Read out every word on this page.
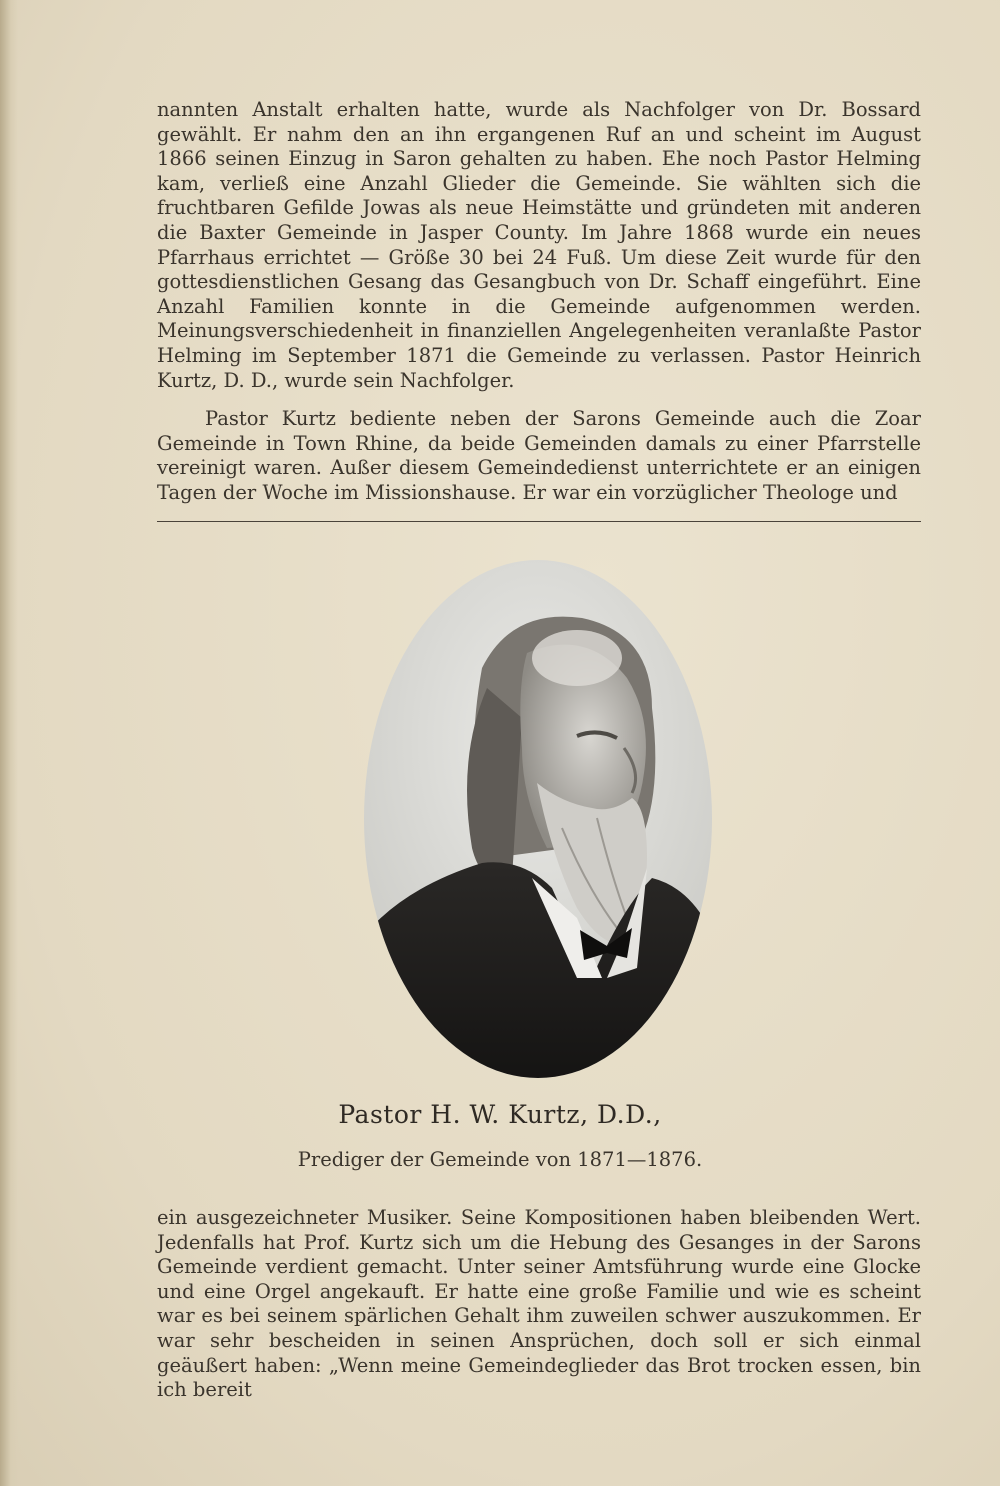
nannten Anstalt erhalten hatte, wurde als Nachfolger von Dr. Bossard gewählt. Er nahm den an ihn ergangenen Ruf an und scheint im August 1866 seinen Einzug in Saron gehalten zu haben. Ehe noch Pastor Helming kam, verließ eine Anzahl Glieder die Gemeinde. Sie wählten sich die fruchtbaren Gefilde Jowas als neue Heimstätte und gründeten mit anderen die Baxter Gemeinde in Jasper County. Im Jahre 1868 wurde ein neues Pfarrhaus errichtet — Größe 30 bei 24 Fuß. Um diese Zeit wurde für den gottesdienstlichen Gesang das Gesangbuch von Dr. Schaff eingeführt. Eine Anzahl Familien konnte in die Gemeinde aufgenommen werden. Meinungsverschiedenheit in finanziellen Angelegenheiten veranlaßte Pastor Helming im September 1871 die Gemeinde zu verlassen. Pastor Heinrich Kurtz, D. D., wurde sein Nachfolger.

Pastor Kurtz bediente neben der Sarons Gemeinde auch die Zoar Gemeinde in Town Rhine, da beide Gemeinden damals zu einer Pfarrstelle vereinigt waren. Außer diesem Gemeindedienst unterrichtete er an einigen Tagen der Woche im Missionshause. Er war ein vorzüglicher Theologe und

Pastor H. W. Kurtz, D.D.,
Prediger der Gemeinde von 1871—1876.

ein ausgezeichneter Musiker. Seine Kompositionen haben bleibenden Wert. Jedenfalls hat Prof. Kurtz sich um die Hebung des Gesanges in der Sarons Gemeinde verdient gemacht. Unter seiner Amtsführung wurde eine Glocke und eine Orgel angekauft. Er hatte eine große Familie und wie es scheint war es bei seinem spärlichen Gehalt ihm zuweilen schwer auszukommen. Er war sehr bescheiden in seinen Ansprüchen, doch soll er sich einmal geäußert haben: „Wenn meine Gemeindeglieder das Brot trocken essen, bin ich bereit
